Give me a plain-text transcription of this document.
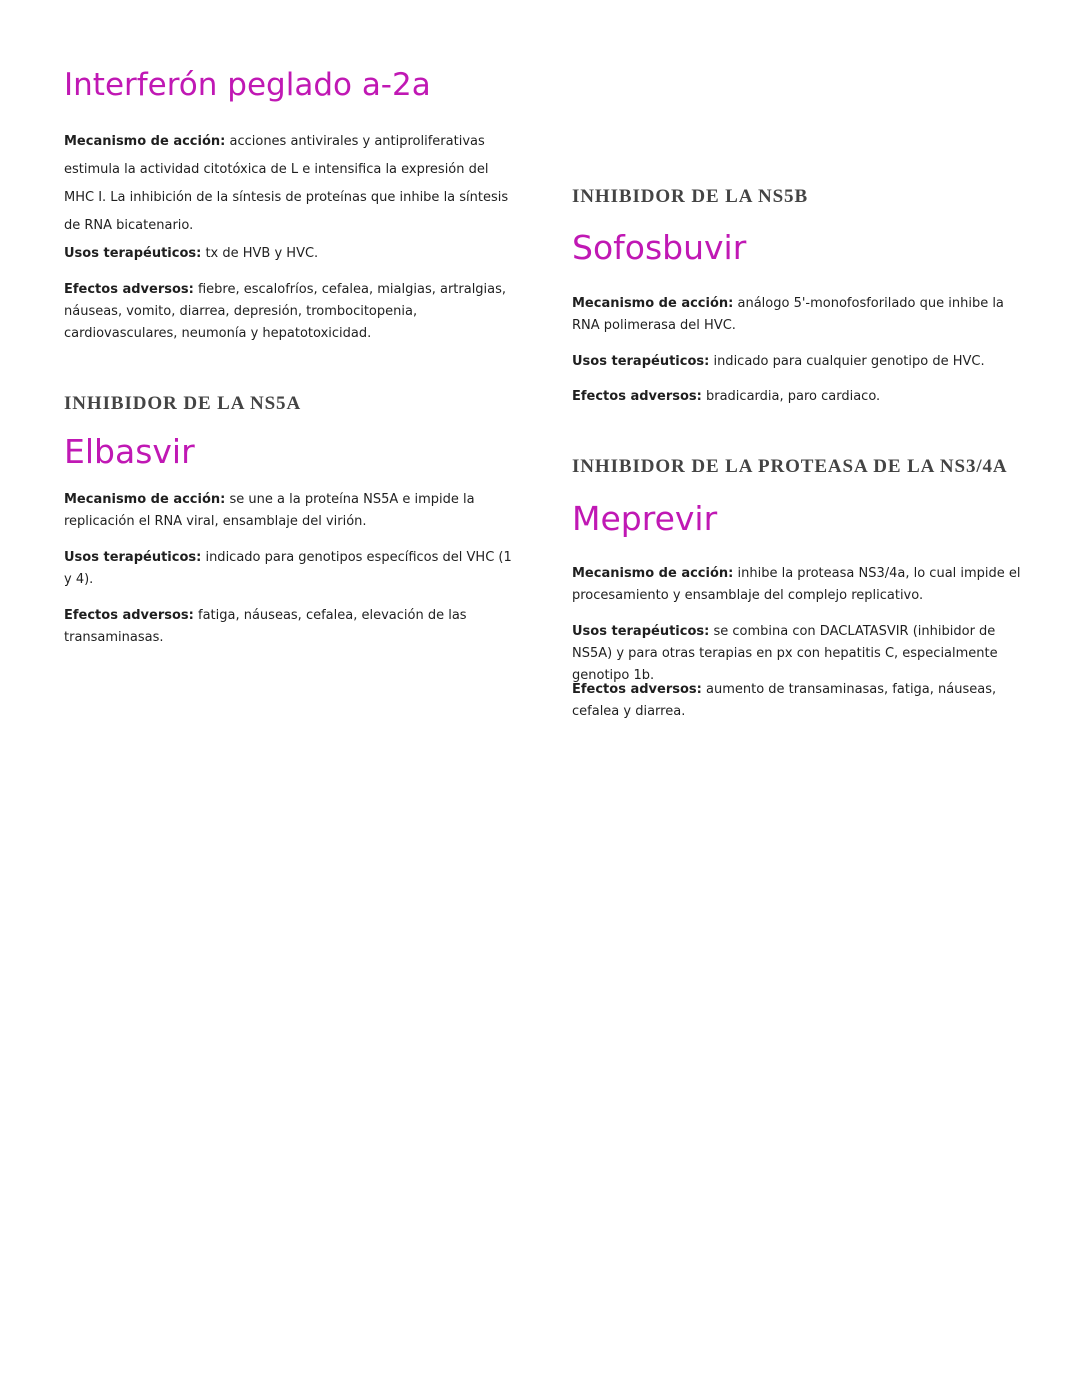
Interferón peglado a-2a

Mecanismo de acción: acciones antivirales y antiproliferativas estimula la actividad citotóxica de L e intensifica la expresión del MHC I. La inhibición de la síntesis de proteínas que inhibe la síntesis de RNA bicatenario.

Usos terapéuticos: tx de HVB y HVC.

Efectos adversos: fiebre, escalofríos, cefalea, mialgias, artralgias, náuseas, vomito, diarrea, depresión, trombocitopenia, cardiovasculares, neumonía y hepatotoxicidad.

INHIBIDOR DE LA NS5A
Elbasvir

Mecanismo de acción: se une a la proteína NS5A e impide la replicación el RNA viral, ensamblaje del virión.

Usos terapéuticos: indicado para genotipos específicos del VHC (1 y 4).

Efectos adversos: fatiga, náuseas, cefalea, elevación de las transaminasas.

INHIBIDOR DE LA NS5B
Sofosbuvir

Mecanismo de acción: análogo 5'-monofosforilado que inhibe la RNA polimerasa del HVC.

Usos terapéuticos: indicado para cualquier genotipo de HVC.

Efectos adversos: bradicardia, paro cardiaco.

INHIBIDOR DE LA PROTEASA DE LA NS3/4A
Meprevir

Mecanismo de acción: inhibe la proteasa NS3/4a, lo cual impide el procesamiento y ensamblaje del complejo replicativo.

Usos terapéuticos: se combina con DACLATASVIR (inhibidor de NS5A) y para otras terapias en px con hepatitis C, especialmente genotipo 1b.

Efectos adversos: aumento de transaminasas, fatiga, náuseas, cefalea y diarrea.
